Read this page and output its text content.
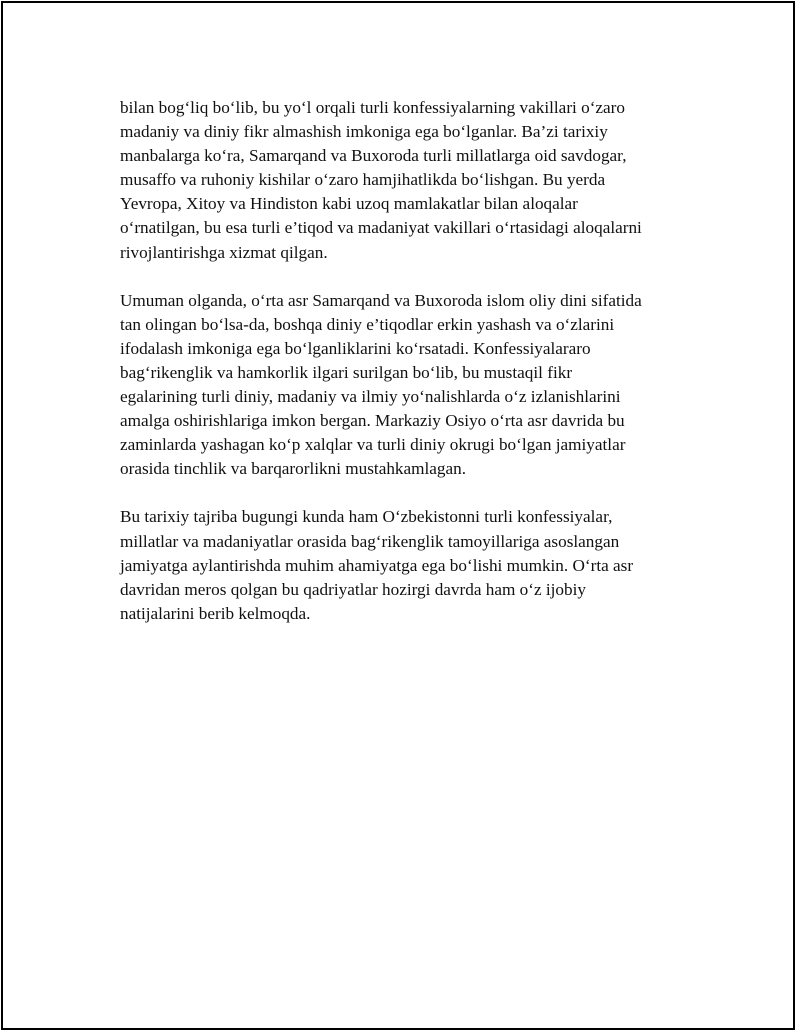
bilan bog‘liq bo‘lib, bu yo‘l orqali turli konfessiyalarning vakillari o‘zaro
madaniy va diniy fikr almashish imkoniga ega bo‘lganlar. Ba’zi tarixiy
manbalarga ko‘ra, Samarqand va Buxoroda turli millatlarga oid savdogar,
musaffo va ruhoniy kishilar o‘zaro hamjihatlikda bo‘lishgan. Bu yerda
Yevropa, Xitoy va Hindiston kabi uzoq mamlakatlar bilan aloqalar
o‘rnatilgan, bu esa turli e’tiqod va madaniyat vakillari o‘rtasidagi aloqalarni
rivojlantirishga xizmat qilgan.

Umuman olganda, o‘rta asr Samarqand va Buxoroda islom oliy dini sifatida
tan olingan bo‘lsa-da, boshqa diniy e’tiqodlar erkin yashash va o‘zlarini
ifodalash imkoniga ega bo‘lganliklarini ko‘rsatadi. Konfessiyalararo
bag‘rikenglik va hamkorlik ilgari surilgan bo‘lib, bu mustaqil fikr
egalarining turli diniy, madaniy va ilmiy yo‘nalishlarda o‘z izlanishlarini
amalga oshirishlariga imkon bergan. Markaziy Osiyo o‘rta asr davrida bu
zaminlarda yashagan ko‘p xalqlar va turli diniy okrugi bo‘lgan jamiyatlar
orasida tinchlik va barqarorlikni mustahkamlagan.

Bu tarixiy tajriba bugungi kunda ham O‘zbekistonni turli konfessiyalar,
millatlar va madaniyatlar orasida bag‘rikenglik tamoyillariga asoslangan
jamiyatga aylantirishda muhim ahamiyatga ega bo‘lishi mumkin. O‘rta asr
davridan meros qolgan bu qadriyatlar hozirgi davrda ham o‘z ijobiy
natijalarini berib kelmoqda.
